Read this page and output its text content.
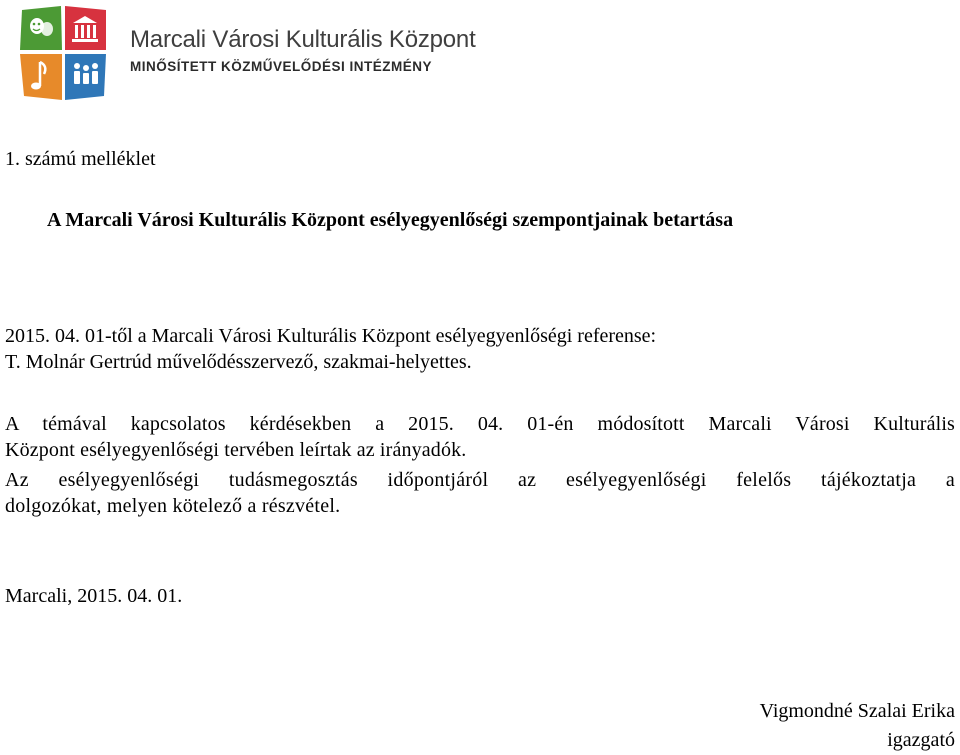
Marcali Városi Kulturális Központ
MINŐSÍTETT KÖZMŰVELŐDÉSI INTÉZMÉNY
1. számú melléklet
A Marcali Városi Kulturális Központ esélyegyenlőségi szempontjainak betartása

2015. 04. 01-től a Marcali Városi Kulturális Központ esélyegyenlőségi referense:
T. Molnár Gertrúd művelődésszervező, szakmai-helyettes.

A témával kapcsolatos kérdésekben a 2015. 04. 01-én módosított Marcali Városi Kulturális
Központ esélyegyenlőségi tervében leírtak az irányadók.

Az esélyegyenlőségi tudásmegosztás időpontjáról az esélyegyenlőségi felelős tájékoztatja a
dolgozókat, melyen kötelező a részvétel.

Marcali, 2015. 04. 01.
Vigmondné Szalai Erika
igazgató
